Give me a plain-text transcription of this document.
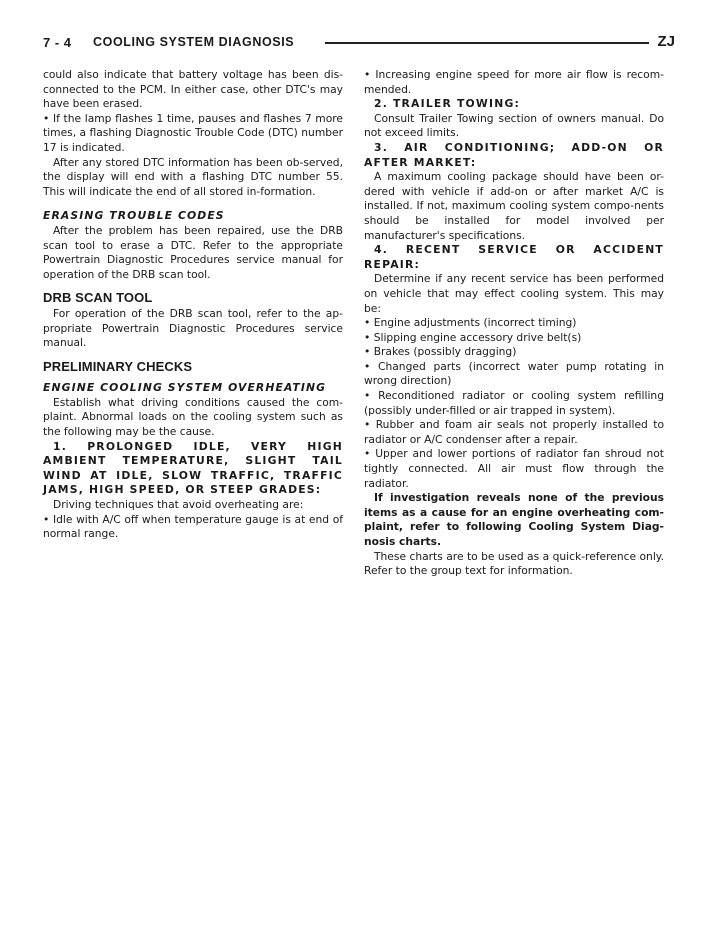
7 - 4 COOLING SYSTEM DIAGNOSIS	ZJ

could also indicate that battery voltage has been dis-connected to the PCM. In either case, other DTC's may have been erased.

• If the lamp flashes 1 time, pauses and flashes 7 more times, a flashing Diagnostic Trouble Code (DTC) number 17 is indicated.

After any stored DTC information has been ob-served, the display will end with a flashing DTC number 55. This will indicate the end of all stored in-formation.

ERASING TROUBLE CODES

After the problem has been repaired, use the DRB scan tool to erase a DTC. Refer to the appropriate Powertrain Diagnostic Procedures service manual for operation of the DRB scan tool.

DRB SCAN TOOL

For operation of the DRB scan tool, refer to the ap-propriate Powertrain Diagnostic Procedures service manual.

PRELIMINARY CHECKS

ENGINE COOLING SYSTEM OVERHEATING

Establish what driving conditions caused the com-plaint. Abnormal loads on the cooling system such as the following may be the cause.

1. PROLONGED IDLE, VERY HIGH AMBIENT TEMPERATURE, SLIGHT TAIL WIND AT IDLE, SLOW TRAFFIC, TRAFFIC JAMS, HIGH SPEED, OR STEEP GRADES:

Driving techniques that avoid overheating are:

• Idle with A/C off when temperature gauge is at end of normal range.

• Increasing engine speed for more air flow is recom-mended.

2. TRAILER TOWING:

Consult Trailer Towing section of owners manual. Do not exceed limits.

3. AIR CONDITIONING; ADD-ON OR AFTER MARKET:

A maximum cooling package should have been or-dered with vehicle if add-on or after market A/C is installed. If not, maximum cooling system compo-nents should be installed for model involved per manufacturer's specifications.

4. RECENT SERVICE OR ACCIDENT REPAIR:

Determine if any recent service has been performed on vehicle that may effect cooling system. This may be:

• Engine adjustments (incorrect timing)

• Slipping engine accessory drive belt(s)

• Brakes (possibly dragging)

• Changed parts (incorrect water pump rotating in wrong direction)

• Reconditioned radiator or cooling system refilling (possibly under-filled or air trapped in system).

• Rubber and foam air seals not properly installed to radiator or A/C condenser after a repair.

• Upper and lower portions of radiator fan shroud not tightly connected. All air must flow through the radiator.

If investigation reveals none of the previous items as a cause for an engine overheating com-plaint, refer to following Cooling System Diag-nosis charts.

These charts are to be used as a quick-reference only. Refer to the group text for information.
